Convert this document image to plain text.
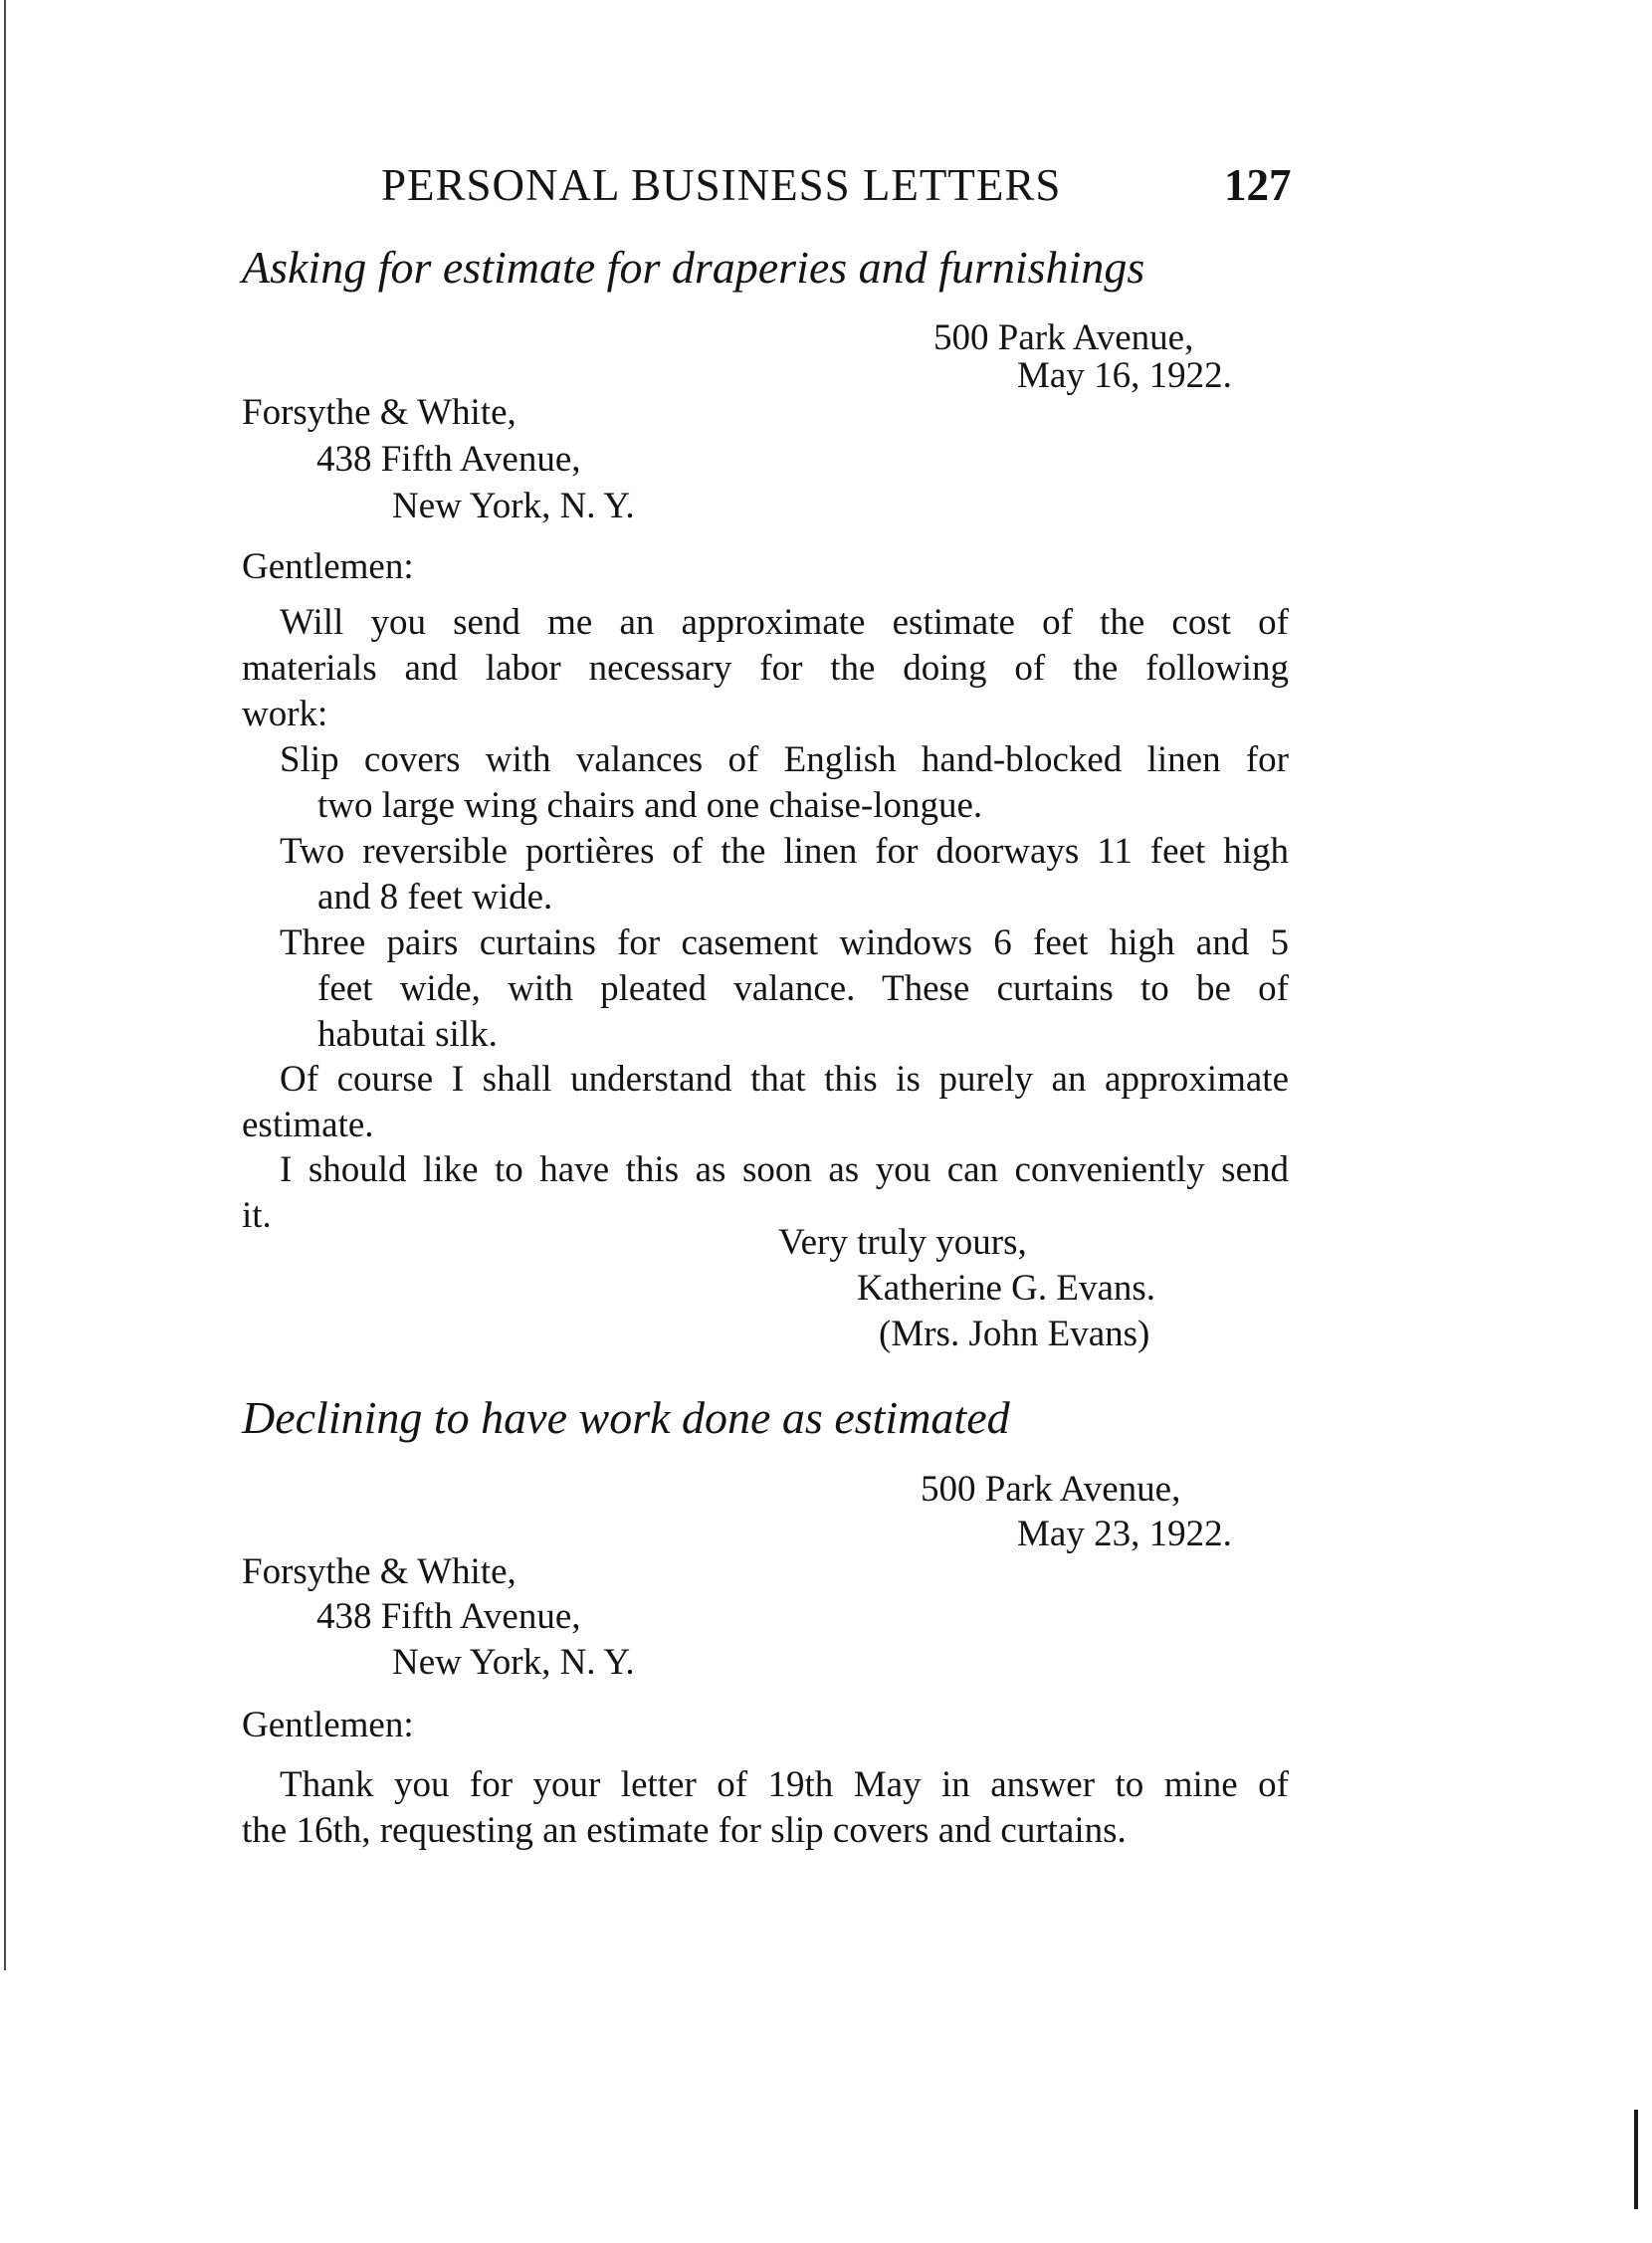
PERSONAL BUSINESS LETTERS	127
Asking for estimate for draperies and furnishings
500 Park Avenue,
May 16, 1922.
Forsythe & White,
438 Fifth Avenue,
New York, N. Y.
Gentlemen:
Will you send me an approximate estimate of the cost of
materials and labor necessary for the doing of the following
work:
Slip covers with valances of English hand-blocked linen for
two large wing chairs and one chaise-longue.
Two reversible portières of the linen for doorways 11 feet high
and 8 feet wide.
Three pairs curtains for casement windows 6 feet high and 5
feet wide, with pleated valance. These curtains to be of
habutai silk.
Of course I shall understand that this is purely an approximate
estimate.
I should like to have this as soon as you can conveniently send
it.
Very truly yours,
Katherine G. Evans.
(Mrs. John Evans)
Declining to have work done as estimated
500 Park Avenue,
May 23, 1922.
Forsythe & White,
438 Fifth Avenue,
New York, N. Y.
Gentlemen:
Thank you for your letter of 19th May in answer to mine of
the 16th, requesting an estimate for slip covers and curtains.
